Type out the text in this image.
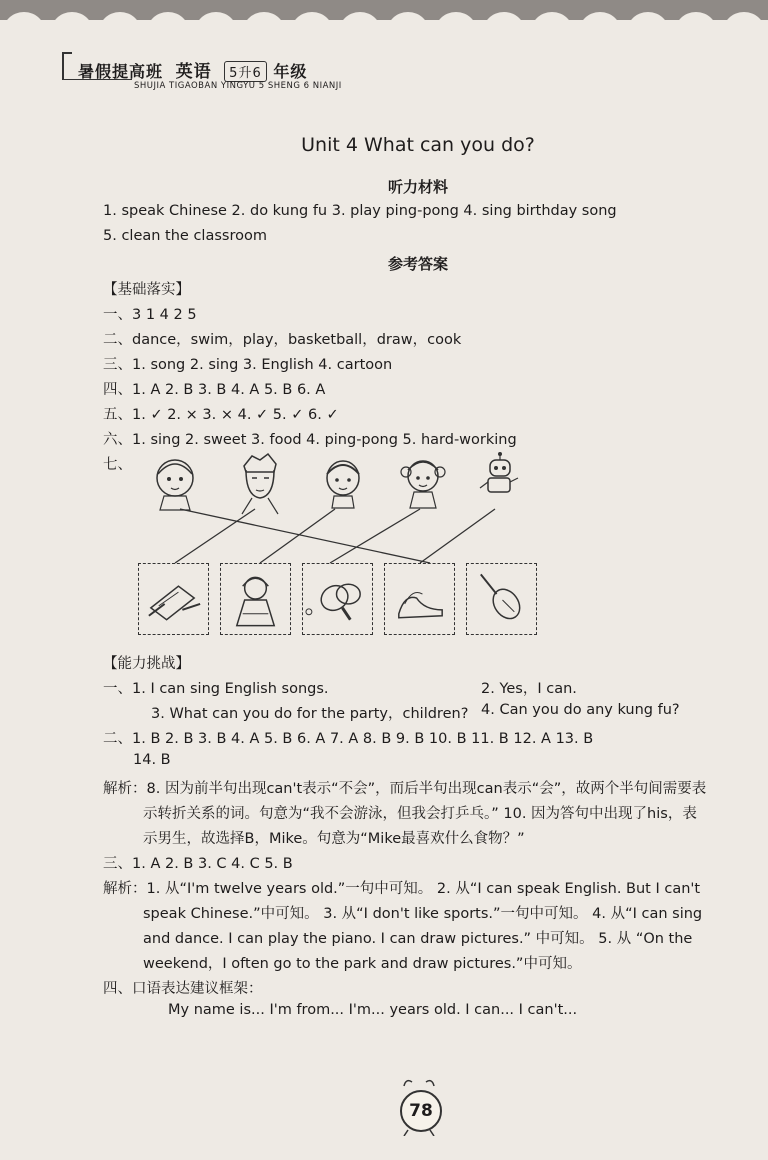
暑假提高班 英语 5升6 年级
SHUJIA TIGAOBAN YINGYU 5 SHENG 6 NIANJI
Unit 4 What can you do?
听力材料
1. speak Chinese 2. do kung fu 3. play ping-pong 4. sing birthday song
5. clean the classroom
参考答案
【基础落实】
一、3 1 4 2 5
二、dance，swim，play，basketball，draw，cook
三、1. song 2. sing 3. English 4. cartoon
四、1. A 2. B 3. B 4. A 5. B 6. A
五、1. ✓ 2. × 3. × 4. ✓ 5. ✓ 6. ✓
六、1. sing 2. sweet 3. food 4. ping-pong 5. hard-working
七、
【能力挑战】
一、1. I can sing English songs.	2. Yes，I can.
3. What can you do for the party，children? 4. Can you do any kung fu?
二、1. B 2. B 3. B 4. A 5. B 6. A 7. A 8. B 9. B 10. B 11. B 12. A 13. B
14. B
解析：8. 因为前半句出现can't表示“不会”，而后半句出现can表示“会”，故两个半句间需要表
示转折关系的词。句意为“我不会游泳，但我会打乒乓。” 10. 因为答句中出现了his，表
示男生，故选择B，Mike。句意为“Mike最喜欢什么食物？”
三、1. A 2. B 3. C 4. C 5. B
解析：1. 从“I'm twelve years old.”一句中可知。 2. 从“I can speak English. But I can't
speak Chinese.”中可知。 3. 从“I don't like sports.”一句中可知。 4. 从“I can sing
and dance. I can play the piano. I can draw pictures.” 中可知。 5. 从 “On the
weekend，I often go to the park and draw pictures.”中可知。
四、口语表达建议框架：
My name is... I'm from... I'm... years old. I can... I can't...
78
